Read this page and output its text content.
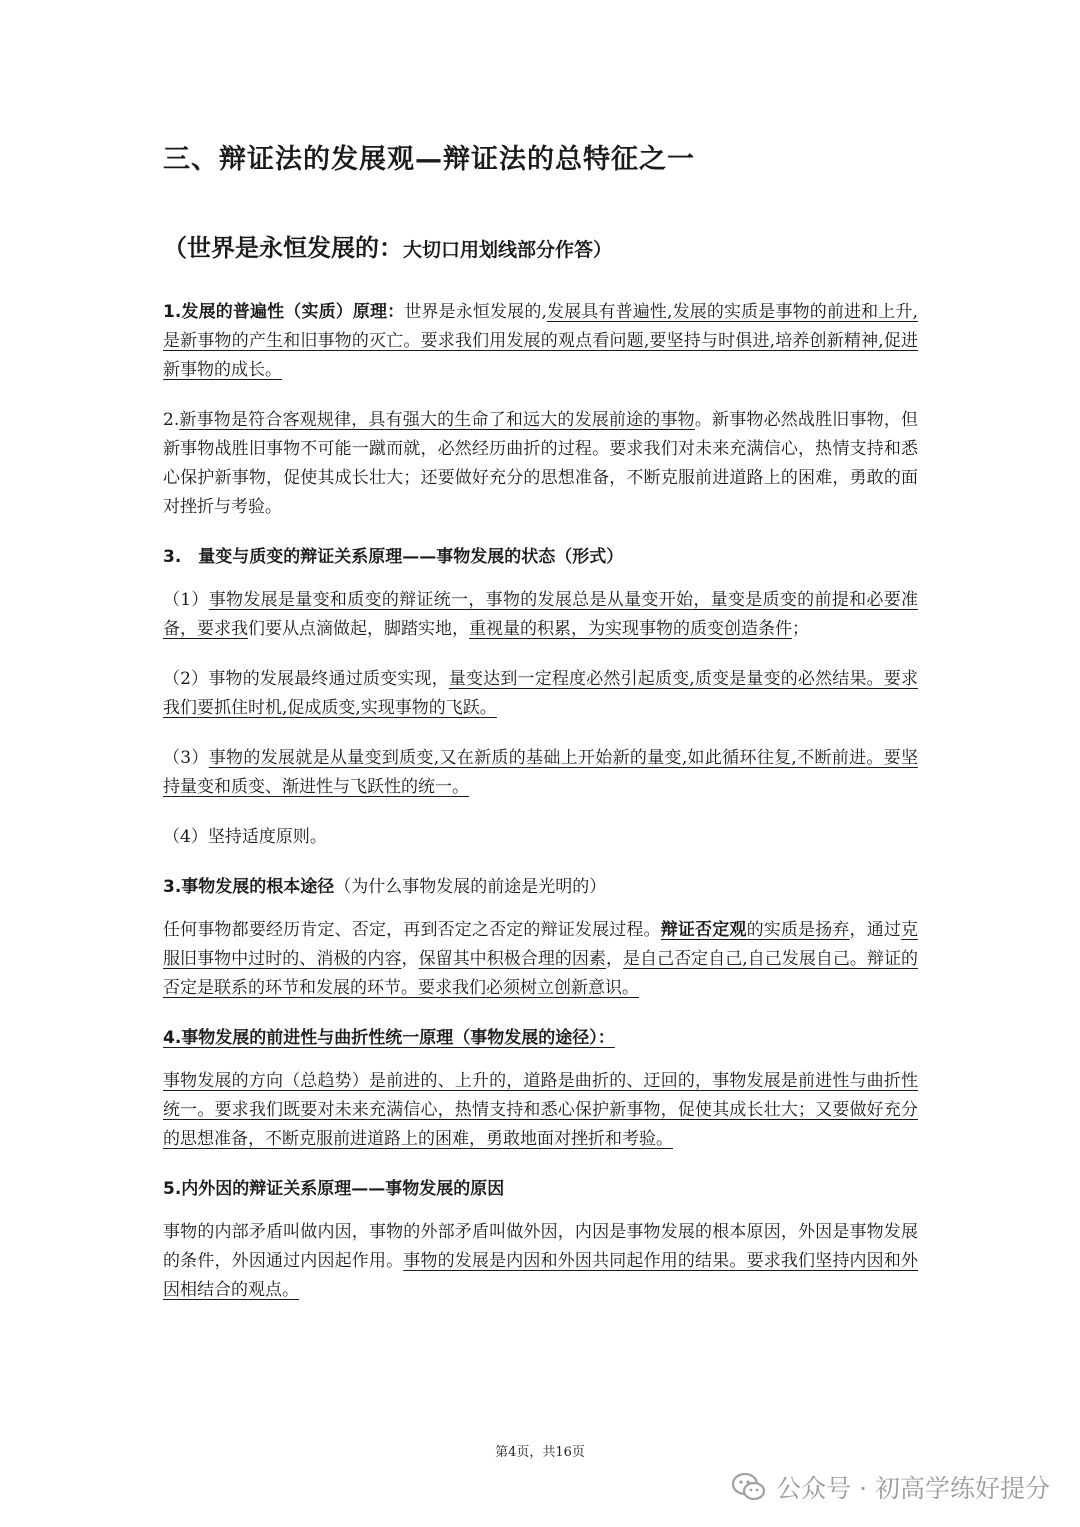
三、辩证法的发展观—辩证法的总特征之一
（世界是永恒发展的：大切口用划线部分作答）

1.发展的普遍性（实质）原理：世界是永恒发展的,发展具有普遍性,发展的实质是事物的前进和上升,是新事物的产生和旧事物的灭亡。要求我们用发展的观点看问题,要坚持与时俱进,培养创新精神,促进新事物的成长。

2.新事物是符合客观规律，具有强大的生命了和远大的发展前途的事物。新事物必然战胜旧事物，但新事物战胜旧事物不可能一蹴而就，必然经历曲折的过程。要求我们对未来充满信心，热情支持和悉心保护新事物，促使其成长壮大；还要做好充分的思想准备，不断克服前进道路上的困难，勇敢的面对挫折与考验。

3.　量变与质变的辩证关系原理——事物发展的状态（形式）

（1）事物发展是量变和质变的辩证统一，事物的发展总是从量变开始，量变是质变的前提和必要准备，要求我们要从点滴做起，脚踏实地，重视量的积累，为实现事物的质变创造条件；

（2）事物的发展最终通过质变实现，量变达到一定程度必然引起质变,质变是量变的必然结果。要求我们要抓住时机,促成质变,实现事物的飞跃。

（3）事物的发展就是从量变到质变,又在新质的基础上开始新的量变,如此循环往复,不断前进。要坚持量变和质变、渐进性与飞跃性的统一。

（4）坚持适度原则。

3.事物发展的根本途径（为什么事物发展的前途是光明的）

任何事物都要经历肯定、否定，再到否定之否定的辩证发展过程。辩证否定观的实质是扬弃，通过克服旧事物中过时的、消极的内容，保留其中积极合理的因素，是自己否定自己,自己发展自己。辩证的否定是联系的环节和发展的环节。要求我们必须树立创新意识。

4.事物发展的前进性与曲折性统一原理（事物发展的途径）：

事物发展的方向（总趋势）是前进的、上升的，道路是曲折的、迂回的，事物发展是前进性与曲折性统一。要求我们既要对未来充满信心，热情支持和悉心保护新事物，促使其成长壮大；又要做好充分的思想准备，不断克服前进道路上的困难，勇敢地面对挫折和考验。

5.内外因的辩证关系原理——事物发展的原因

事物的内部矛盾叫做内因，事物的外部矛盾叫做外因，内因是事物发展的根本原因，外因是事物发展的条件，外因通过内因起作用。事物的发展是内因和外因共同起作用的结果。要求我们坚持内因和外因相结合的观点。

第4页，共16页
公众号 · 初高学练好提分
